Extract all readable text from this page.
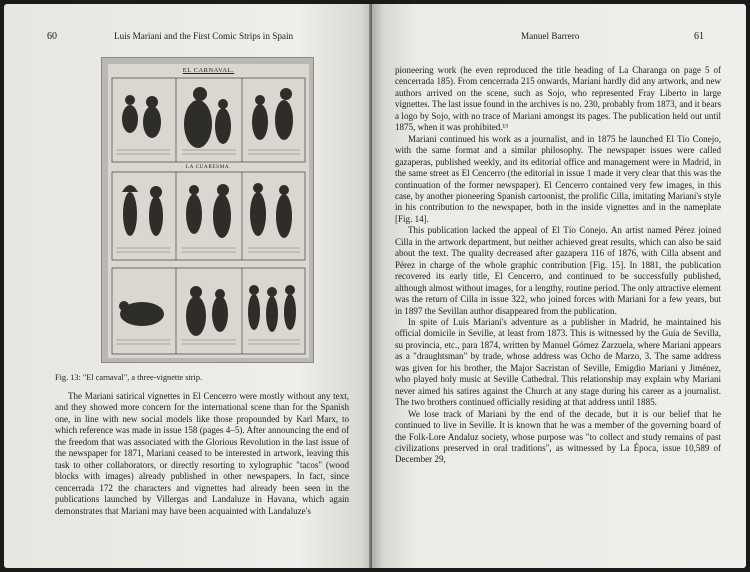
60	Luis Mariani and the First Comic Strips in Spain
EL CARNAVAL.
LA CUARESMA.
Fig. 13: "El carnaval", a three-vignette strip.

The Mariani satirical vignettes in El Cencerro were mostly without any text, and they showed more concern for the international scene than for the Spanish one, in line with new social models like those propounded by Karl Marx, to which reference was made in issue 158 (pages 4–5). After announcing the end of the freedom that was associated with the Glorious Revolution in the last issue of the newspaper for 1871, Mariani ceased to be interested in artwork, leaving this task to other collaborators, or directly resorting to xylographic "tacos" (wood blocks with images) already published in other newspapers. In fact, since cencerrada 172 the characters and vignettes had already been seen in the publications launched by Villergas and Landaluze in Havana, which again demonstrates that Mariani may have been acquainted with Landaluze's

Manuel Barrero	61

pioneering work (he even reproduced the title heading of La Charanga on page 5 of cencerrada 185). From cencerrada 215 onwards, Mariani hardly did any artwork, and new authors arrived on the scene, such as Sojo, who represented Fray Liberto in large vignettes. The last issue found in the archives is no. 230, probably from 1873, and it bears a logo by Sojo, with no trace of Mariani amongst its pages. The publication held out until 1875, when it was prohibited.¹³

Mariani continued his work as a journalist, and in 1875 he launched El Tío Conejo, with the same format and a similar philosophy. The newspaper issues were called gazaperas, published weekly, and its editorial office and management were in Madrid, in the same street as El Cencerro (the editorial in issue 1 made it very clear that this was the continuation of the former newspaper). El Cencerro contained very few images, in this case, by another pioneering Spanish cartoonist, the prolific Cilla, imitating Mariani's style in his contribution to the newspaper, both in the inside vignettes and in the nameplate [Fig. 14].

This publication lacked the appeal of El Tío Conejo. An artist named Pérez joined Cilla in the artwork department, but neither achieved great results, which can also be said about the text. The quality decreased after gazapera 116 of 1876, with Cilla absent and Pérez in charge of the whole graphic contribution [Fig. 15]. In 1881, the publication recovered its early title, El Cencerro, and continued to be successfully published, although almost without images, for a lengthy, routine period. The only attractive element was the return of Cilla in issue 322, who joined forces with Mariani for a few years, but in 1897 the Sevillan author disappeared from the publication.

In spite of Luis Mariani's adventure as a publisher in Madrid, he maintained his official domicile in Seville, at least from 1873. This is witnessed by the Guía de Sevilla, su provincia, etc., para 1874, written by Manuel Gómez Zarzuela, where Mariani appears as a "draughtsman" by trade, whose address was Ocho de Marzo, 3. The same address was given for his brother, the Major Sacristan of Seville, Emigdio Mariani y Jiménez, who played holy music at Seville Cathedral. This relationship may explain why Mariani never aimed his satires against the Church at any stage during his career as a journalist. The two brothers continued officially residing at that address until 1885.

We lose track of Mariani by the end of the decade, but it is our belief that he continued to live in Seville. It is known that he was a member of the governing board of the Folk-Lore Andaluz society, whose purpose was "to collect and study remains of past civilizations preserved in oral traditions", as witnessed by La Época, issue 10,589 of December 29,
